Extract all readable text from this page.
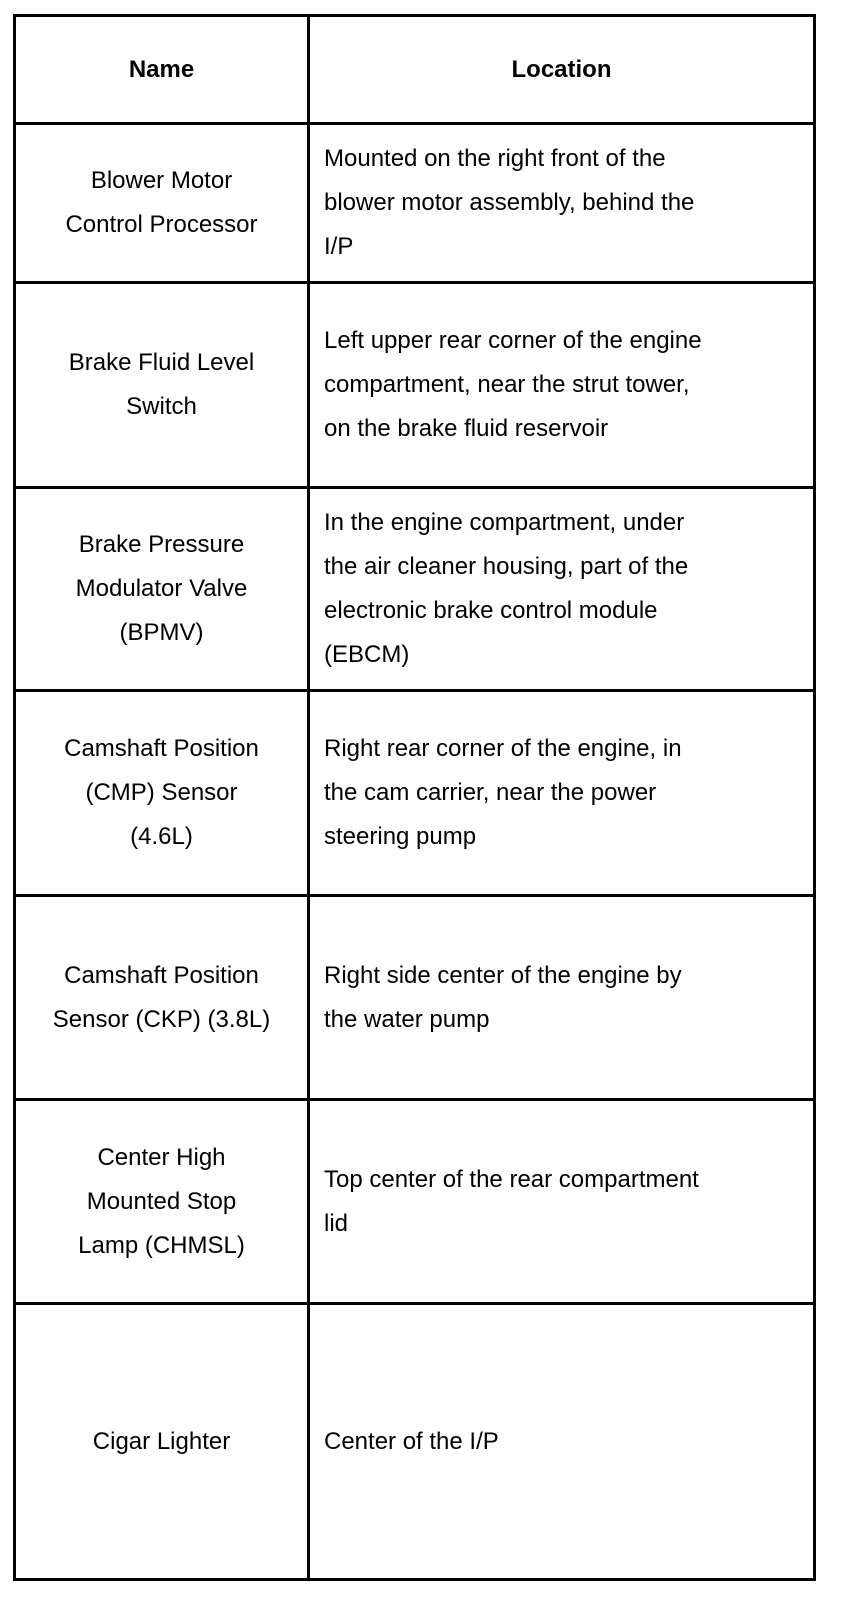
Name	Location

Blower Motor
Control Processor	Mounted on the right front of the
blower motor assembly, behind the
I/P

Brake Fluid Level
Switch	Left upper rear corner of the engine
compartment, near the strut tower,
on the brake fluid reservoir

Brake Pressure
Modulator Valve
(BPMV)	In the engine compartment, under
the air cleaner housing, part of the
electronic brake control module
(EBCM)

Camshaft Position
(CMP) Sensor
(4.6L)	Right rear corner of the engine, in
the cam carrier, near the power
steering pump

Camshaft Position
Sensor (CKP) (3.8L)	Right side center of the engine by
the water pump

Center High
Mounted Stop
Lamp (CHMSL)	Top center of the rear compartment
lid

Cigar Lighter	Center of the I/P
